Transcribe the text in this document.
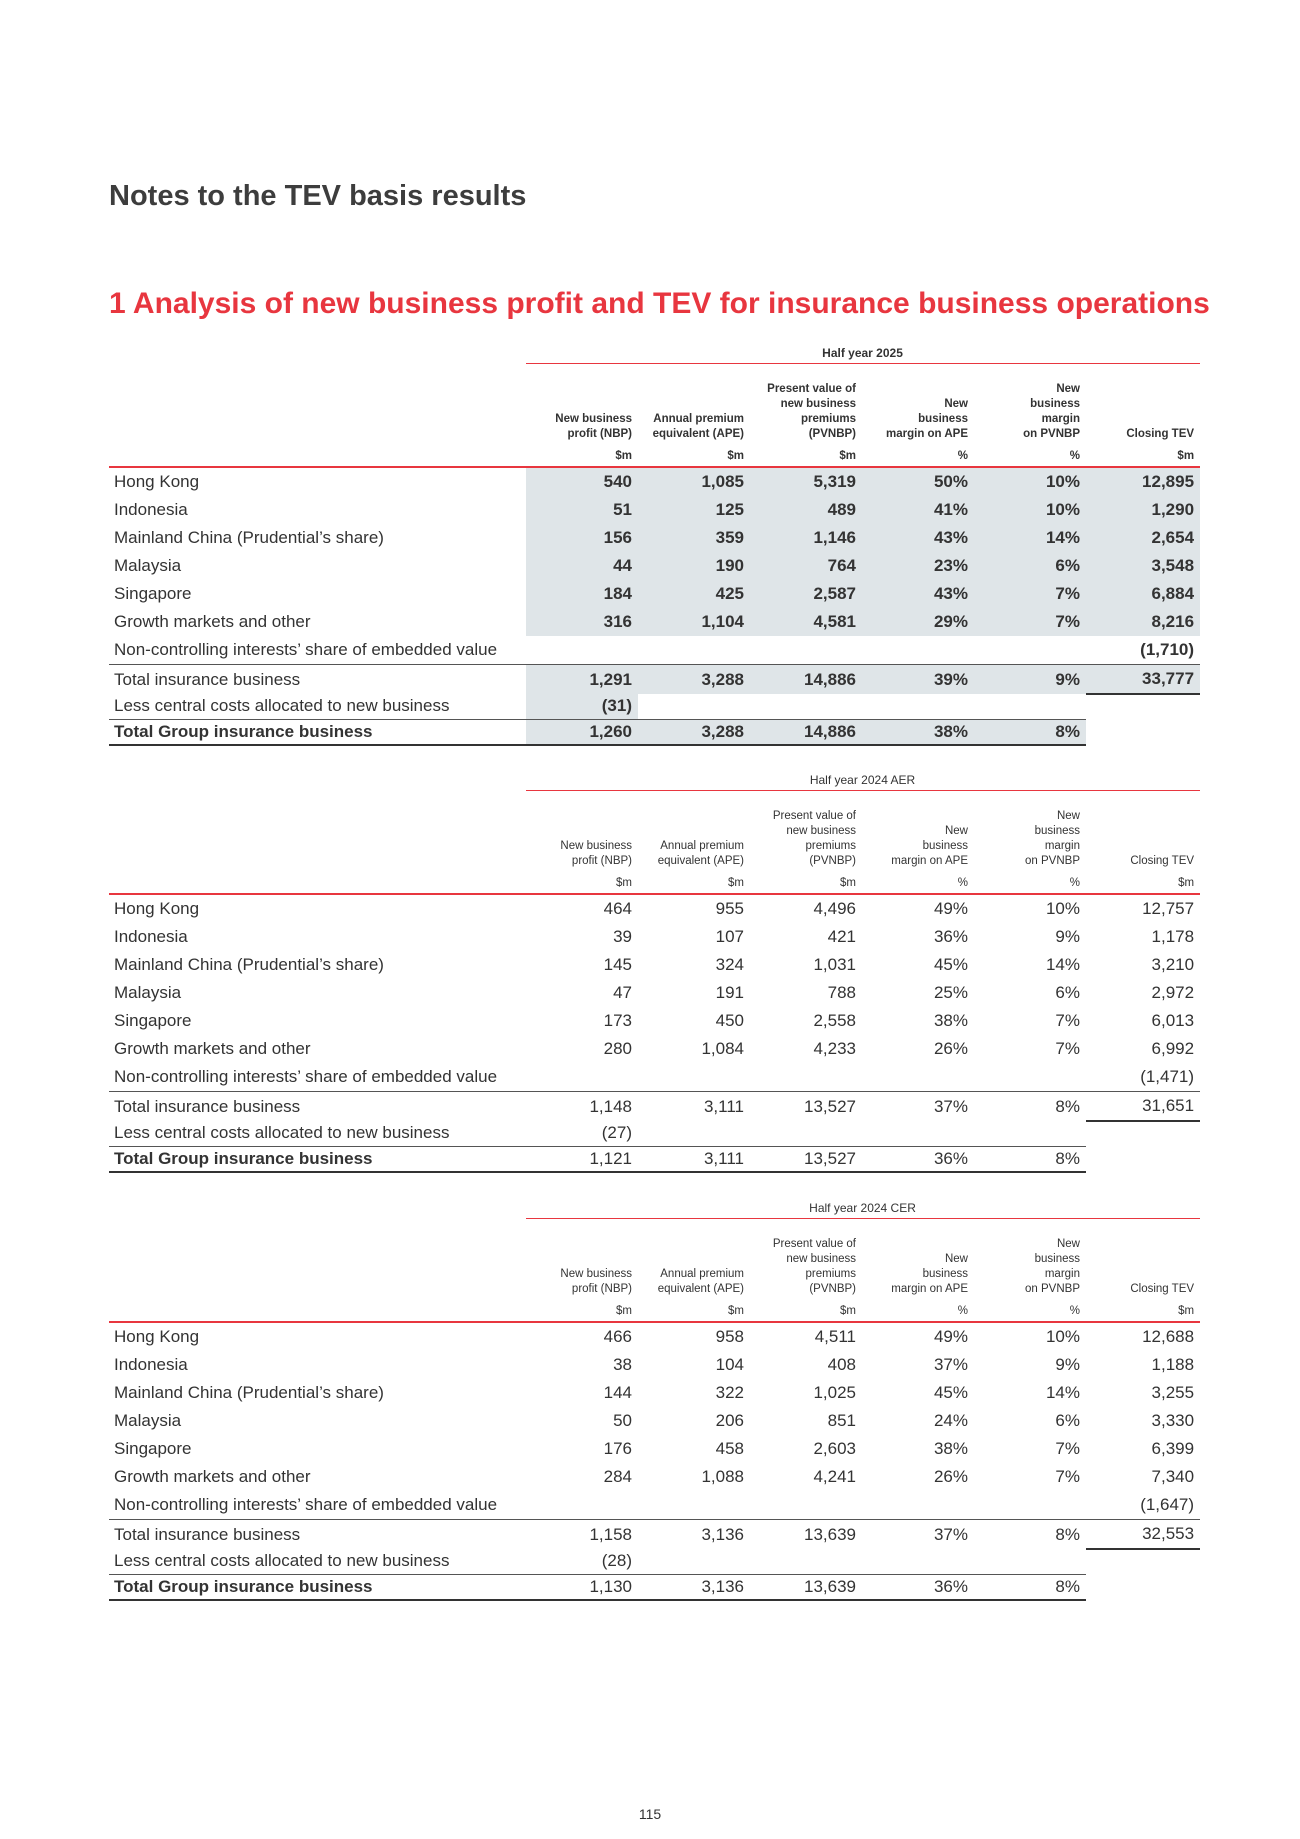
Notes to the TEV basis results
1 Analysis of new business profit and TEV for insurance business operations
	Half year 2025					
	New business
profit (NBP)	Annual premium
equivalent (APE)	Present value of
new business
premiums
(PVNBP)	New
business
margin on APE	New
business
margin
on PVNBP	Closing TEV
	$m	$m	$m	%	%	$m
Hong Kong	540	1,085	5,319	50%	10%	12,895
Indonesia	51	125	489	41%	10%	1,290
Mainland China (Prudential’s share)	156	359	1,146	43%	14%	2,654
Malaysia	44	190	764	23%	6%	3,548
Singapore	184	425	2,587	43%	7%	6,884
Growth markets and other	316	1,104	4,581	29%	7%	8,216
Non-controlling interests’ share of embedded value						(1,710)
Total insurance business	1,291	3,288	14,886	39%	9%	33,777
Less central costs allocated to new business	(31)					
Total Group insurance business	1,260	3,288	14,886	38%	8%	
	Half year 2024 AER					
	New business
profit (NBP)	Annual premium
equivalent (APE)	Present value of
new business
premiums
(PVNBP)	New
business
margin on APE	New
business
margin
on PVNBP	Closing TEV
	$m	$m	$m	%	%	$m
Hong Kong	464	955	4,496	49%	10%	12,757
Indonesia	39	107	421	36%	9%	1,178
Mainland China (Prudential’s share)	145	324	1,031	45%	14%	3,210
Malaysia	47	191	788	25%	6%	2,972
Singapore	173	450	2,558	38%	7%	6,013
Growth markets and other	280	1,084	4,233	26%	7%	6,992
Non-controlling interests’ share of embedded value						(1,471)
Total insurance business	1,148	3,111	13,527	37%	8%	31,651
Less central costs allocated to new business	(27)					
Total Group insurance business	1,121	3,111	13,527	36%	8%	
	Half year 2024 CER					
	New business
profit (NBP)	Annual premium
equivalent (APE)	Present value of
new business
premiums
(PVNBP)	New
business
margin on APE	New
business
margin
on PVNBP	Closing TEV
	$m	$m	$m	%	%	$m
Hong Kong	466	958	4,511	49%	10%	12,688
Indonesia	38	104	408	37%	9%	1,188
Mainland China (Prudential’s share)	144	322	1,025	45%	14%	3,255
Malaysia	50	206	851	24%	6%	3,330
Singapore	176	458	2,603	38%	7%	6,399
Growth markets and other	284	1,088	4,241	26%	7%	7,340
Non-controlling interests’ share of embedded value						(1,647)
Total insurance business	1,158	3,136	13,639	37%	8%	32,553
Less central costs allocated to new business	(28)					
Total Group insurance business	1,130	3,136	13,639	36%	8%	
115
